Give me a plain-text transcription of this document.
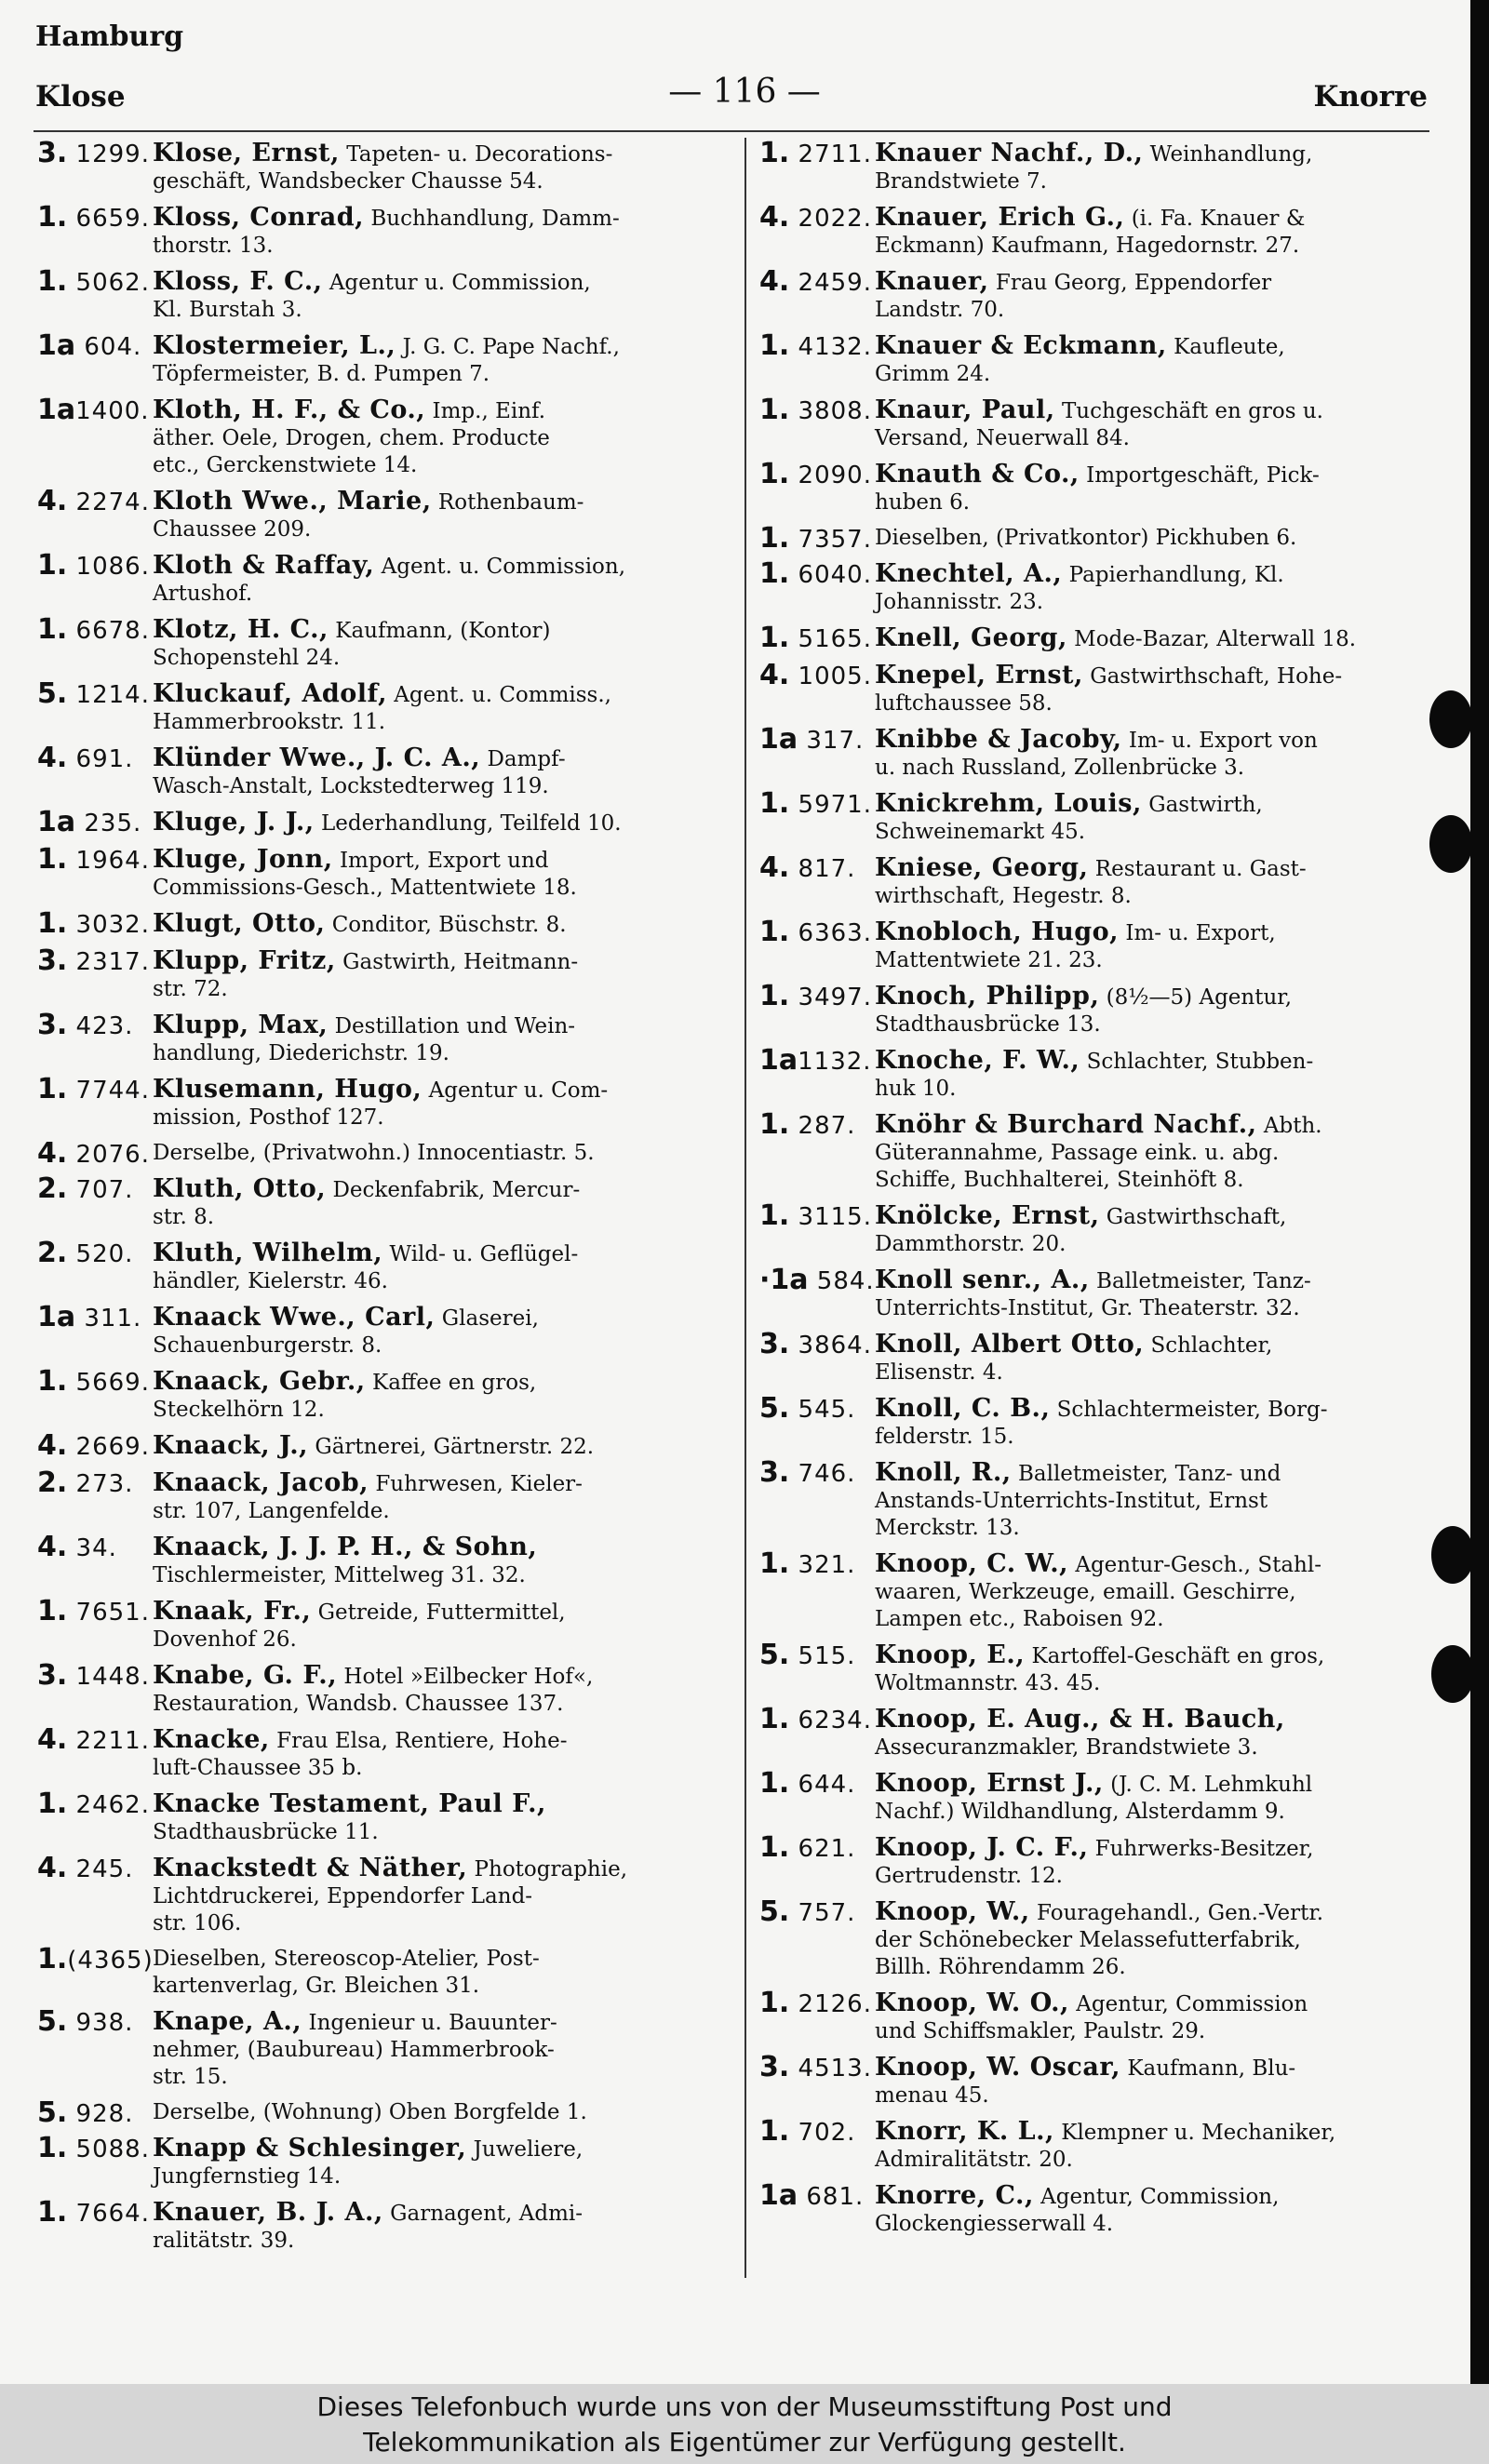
Hamburg
Klose	— 116 —	Knorre
3. 1299. Klose, Ernst, Tapeten- u. Decorations-
geschäft, Wandsbecker Chausse 54.
1. 6659. Kloss, Conrad, Buchhandlung, Damm-
thorstr. 13.
1. 5062. Kloss, F. C., Agentur u. Commission,
Kl. Burstah 3.
1a 604. Klostermeier, L., J. G. C. Pape Nachf.,
Töpfermeister, B. d. Pumpen 7.
1a1400. Kloth, H. F., & Co., Imp., Einf.
äther. Oele, Drogen, chem. Producte
etc., Gerckenstwiete 14.
4. 2274. Kloth Wwe., Marie, Rothenbaum-
Chaussee 209.
1. 1086. Kloth & Raffay, Agent. u. Commission,
Artushof.
1. 6678. Klotz, H. C., Kaufmann, (Kontor)
Schopenstehl 24.
5. 1214. Kluckauf, Adolf, Agent. u. Commiss.,
Hammerbrookstr. 11.
4. 691. Klünder Wwe., J. C. A., Dampf-
Wasch-Anstalt, Lockstedterweg 119.
1a 235. Kluge, J. J., Lederhandlung, Teilfeld 10.
1. 1964. Kluge, Jonn, Import, Export und
Commissions-Gesch., Mattentwiete 18.
1. 3032. Klugt, Otto, Conditor, Büschstr. 8.
3. 2317. Klupp, Fritz, Gastwirth, Heitmann-
str. 72.
3. 423. Klupp, Max, Destillation und Wein-
handlung, Diederichstr. 19.
1. 7744. Klusemann, Hugo, Agentur u. Com-
mission, Posthof 127.
4. 2076. Derselbe, (Privatwohn.) Innocentiastr. 5.
2. 707. Kluth, Otto, Deckenfabrik, Mercur-
str. 8.
2. 520. Kluth, Wilhelm, Wild- u. Geflügel-
händler, Kielerstr. 46.
1a 311. Knaack Wwe., Carl, Glaserei,
Schauenburgerstr. 8.
1. 5669. Knaack, Gebr., Kaffee en gros,
Steckelhörn 12.
4. 2669. Knaack, J., Gärtnerei, Gärtnerstr. 22.
2. 273. Knaack, Jacob, Fuhrwesen, Kieler-
str. 107, Langenfelde.
4. 34. Knaack, J. J. P. H., & Sohn,
Tischlermeister, Mittelweg 31. 32.
1. 7651. Knaak, Fr., Getreide, Futtermittel,
Dovenhof 26.
3. 1448. Knabe, G. F., Hotel »Eilbecker Hof«,
Restauration, Wandsb. Chaussee 137.
4. 2211. Knacke, Frau Elsa, Rentiere, Hohe-
luft-Chaussee 35 b.
1. 2462. Knacke Testament, Paul F.,
Stadthausbrücke 11.
4. 245. Knackstedt & Näther, Photographie,
Lichtdruckerei, Eppendorfer Land-
str. 106.
1.(4365) Dieselben, Stereoscop-Atelier, Post-
kartenverlag, Gr. Bleichen 31.
5. 938. Knape, A., Ingenieur u. Bauunter-
nehmer, (Baubureau) Hammerbrook-
str. 15.
5. 928. Derselbe, (Wohnung) Oben Borgfelde 1.
1. 5088. Knapp & Schlesinger, Juweliere,
Jungfernstieg 14.
1. 7664. Knauer, B. J. A., Garnagent, Admi-
ralitätstr. 39.
1. 2711. Knauer Nachf., D., Weinhandlung,
Brandstwiete 7.
4. 2022. Knauer, Erich G., (i. Fa. Knauer &
Eckmann) Kaufmann, Hagedornstr. 27.
4. 2459. Knauer, Frau Georg, Eppendorfer
Landstr. 70.
1. 4132. Knauer & Eckmann, Kaufleute,
Grimm 24.
1. 3808. Knaur, Paul, Tuchgeschäft en gros u.
Versand, Neuerwall 84.
1. 2090. Knauth & Co., Importgeschäft, Pick-
huben 6.
1. 7357. Dieselben, (Privatkontor) Pickhuben 6.
1. 6040. Knechtel, A., Papierhandlung, Kl.
Johannisstr. 23.
1. 5165. Knell, Georg, Mode-Bazar, Alterwall 18.
4. 1005. Knepel, Ernst, Gastwirthschaft, Hohe-
luftchaussee 58.
1a 317. Knibbe & Jacoby, Im- u. Export von
u. nach Russland, Zollenbrücke 3.
1. 5971. Knickrehm, Louis, Gastwirth,
Schweinemarkt 45.
4. 817. Kniese, Georg, Restaurant u. Gast-
wirthschaft, Hegestr. 8.
1. 6363. Knobloch, Hugo, Im- u. Export,
Mattentwiete 21. 23.
1. 3497. Knoch, Philipp, (8½—5) Agentur,
Stadthausbrücke 13.
1a1132. Knoche, F. W., Schlachter, Stubben-
huk 10.
1. 287. Knöhr & Burchard Nachf., Abth.
Güterannahme, Passage eink. u. abg.
Schiffe, Buchhalterei, Steinhöft 8.
1. 3115. Knölcke, Ernst, Gastwirthschaft,
Dammthorstr. 20.
·1a 584. Knoll senr., A., Balletmeister, Tanz-
Unterrichts-Institut, Gr. Theaterstr. 32.
3. 3864. Knoll, Albert Otto, Schlachter,
Elisenstr. 4.
5. 545. Knoll, C. B., Schlachtermeister, Borg-
felderstr. 15.
3. 746. Knoll, R., Balletmeister, Tanz- und
Anstands-Unterrichts-Institut, Ernst
Merckstr. 13.
1. 321. Knoop, C. W., Agentur-Gesch., Stahl-
waaren, Werkzeuge, emaill. Geschirre,
Lampen etc., Raboisen 92.
5. 515. Knoop, E., Kartoffel-Geschäft en gros,
Woltmannstr. 43. 45.
1. 6234. Knoop, E. Aug., & H. Bauch,
Assecuranzmakler, Brandstwiete 3.
1. 644. Knoop, Ernst J., (J. C. M. Lehmkuhl
Nachf.) Wildhandlung, Alsterdamm 9.
1. 621. Knoop, J. C. F., Fuhrwerks-Besitzer,
Gertrudenstr. 12.
5. 757. Knoop, W., Fouragehandl., Gen.-Vertr.
der Schönebecker Melassefutterfabrik,
Billh. Röhrendamm 26.
1. 2126. Knoop, W. O., Agentur, Commission
und Schiffsmakler, Paulstr. 29.
3. 4513. Knoop, W. Oscar, Kaufmann, Blu-
menau 45.
1. 702. Knorr, K. L., Klempner u. Mechaniker,
Admiralitätstr. 20.
1a 681. Knorre, C., Agentur, Commission,
Glockengiesserwall 4.
Dieses Telefonbuch wurde uns von der Museumsstiftung Post und
Telekommunikation als Eigentümer zur Verfügung gestellt.
